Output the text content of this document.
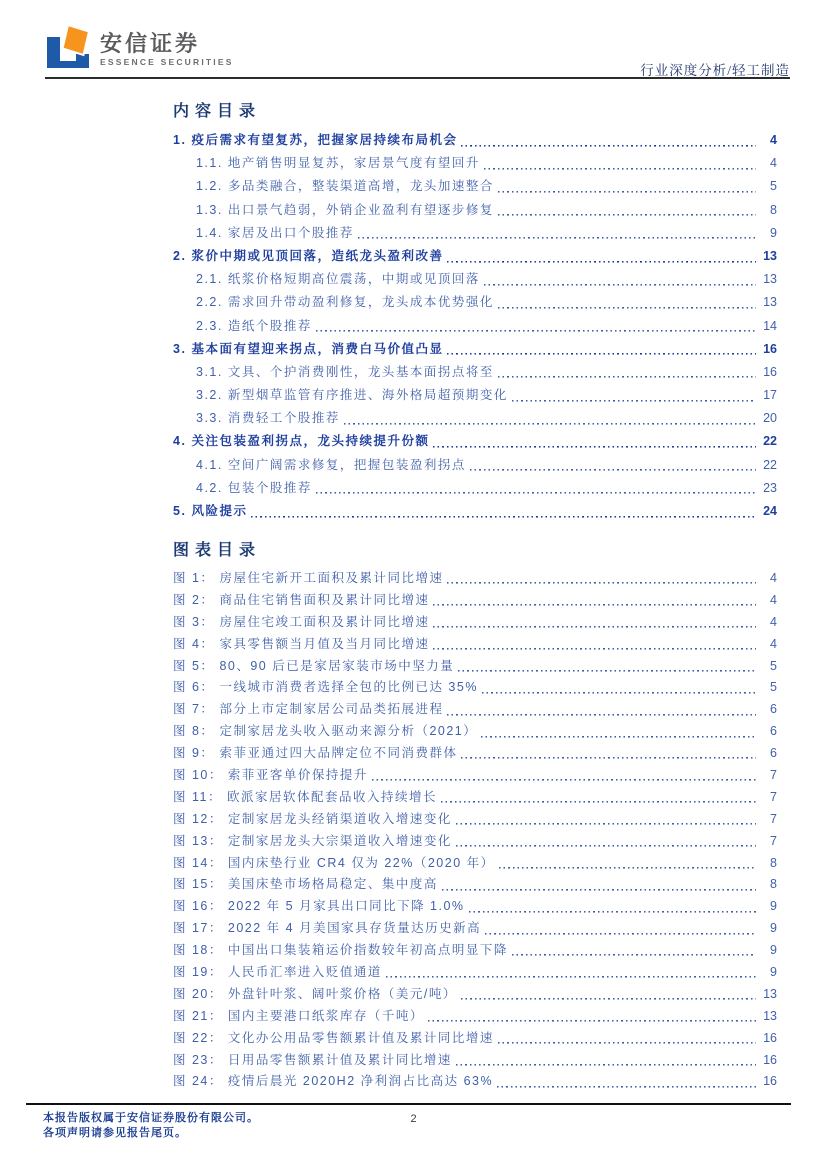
安信证券
ESSENCE SECURITIES
行业深度分析/轻工制造
内容目录
1. 疫后需求有望复苏，把握家居持续布局机会	4
1.1. 地产销售明显复苏，家居景气度有望回升	4
1.2. 多品类融合，整装渠道高增，龙头加速整合	5
1.3. 出口景气趋弱，外销企业盈利有望逐步修复	8
1.4. 家居及出口个股推荐	9
2. 浆价中期或见顶回落，造纸龙头盈利改善	13
2.1. 纸浆价格短期高位震荡，中期或见顶回落	13
2.2. 需求回升带动盈利修复，龙头成本优势强化	13
2.3. 造纸个股推荐	14
3. 基本面有望迎来拐点，消费白马价值凸显	16
3.1. 文具、个护消费刚性，龙头基本面拐点将至	16
3.2. 新型烟草监管有序推进、海外格局超预期变化	17
3.3. 消费轻工个股推荐	20
4. 关注包装盈利拐点，龙头持续提升份额	22
4.1. 空间广阔需求修复，把握包装盈利拐点	22
4.2. 包装个股推荐	23
5. 风险提示	24
图表目录
图 1： 房屋住宅新开工面积及累计同比增速	4
图 2： 商品住宅销售面积及累计同比增速	4
图 3： 房屋住宅竣工面积及累计同比增速	4
图 4： 家具零售额当月值及当月同比增速	4
图 5： 80、90 后已是家居家装市场中坚力量	5
图 6： 一线城市消费者选择全包的比例已达 35%	5
图 7： 部分上市定制家居公司品类拓展进程	6
图 8： 定制家居龙头收入驱动来源分析（2021）	6
图 9： 索菲亚通过四大品牌定位不同消费群体	6
图 10： 索菲亚客单价保持提升	7
图 11： 欧派家居软体配套品收入持续增长	7
图 12： 定制家居龙头经销渠道收入增速变化	7
图 13： 定制家居龙头大宗渠道收入增速变化	7
图 14： 国内床垫行业 CR4 仅为 22%（2020 年）	8
图 15： 美国床垫市场格局稳定、集中度高	8
图 16： 2022 年 5 月家具出口同比下降 1.0%	9
图 17： 2022 年 4 月美国家具存货量达历史新高	9
图 18： 中国出口集装箱运价指数较年初高点明显下降	9
图 19： 人民币汇率进入贬值通道	9
图 20： 外盘针叶浆、阔叶浆价格（美元/吨）	13
图 21： 国内主要港口纸浆库存（千吨）	13
图 22： 文化办公用品零售额累计值及累计同比增速	16
图 23： 日用品零售额累计值及累计同比增速	16
图 24： 疫情后晨光 2020H2 净利润占比高达 63%	16
本报告版权属于安信证券股份有限公司。
各项声明请参见报告尾页。
2
